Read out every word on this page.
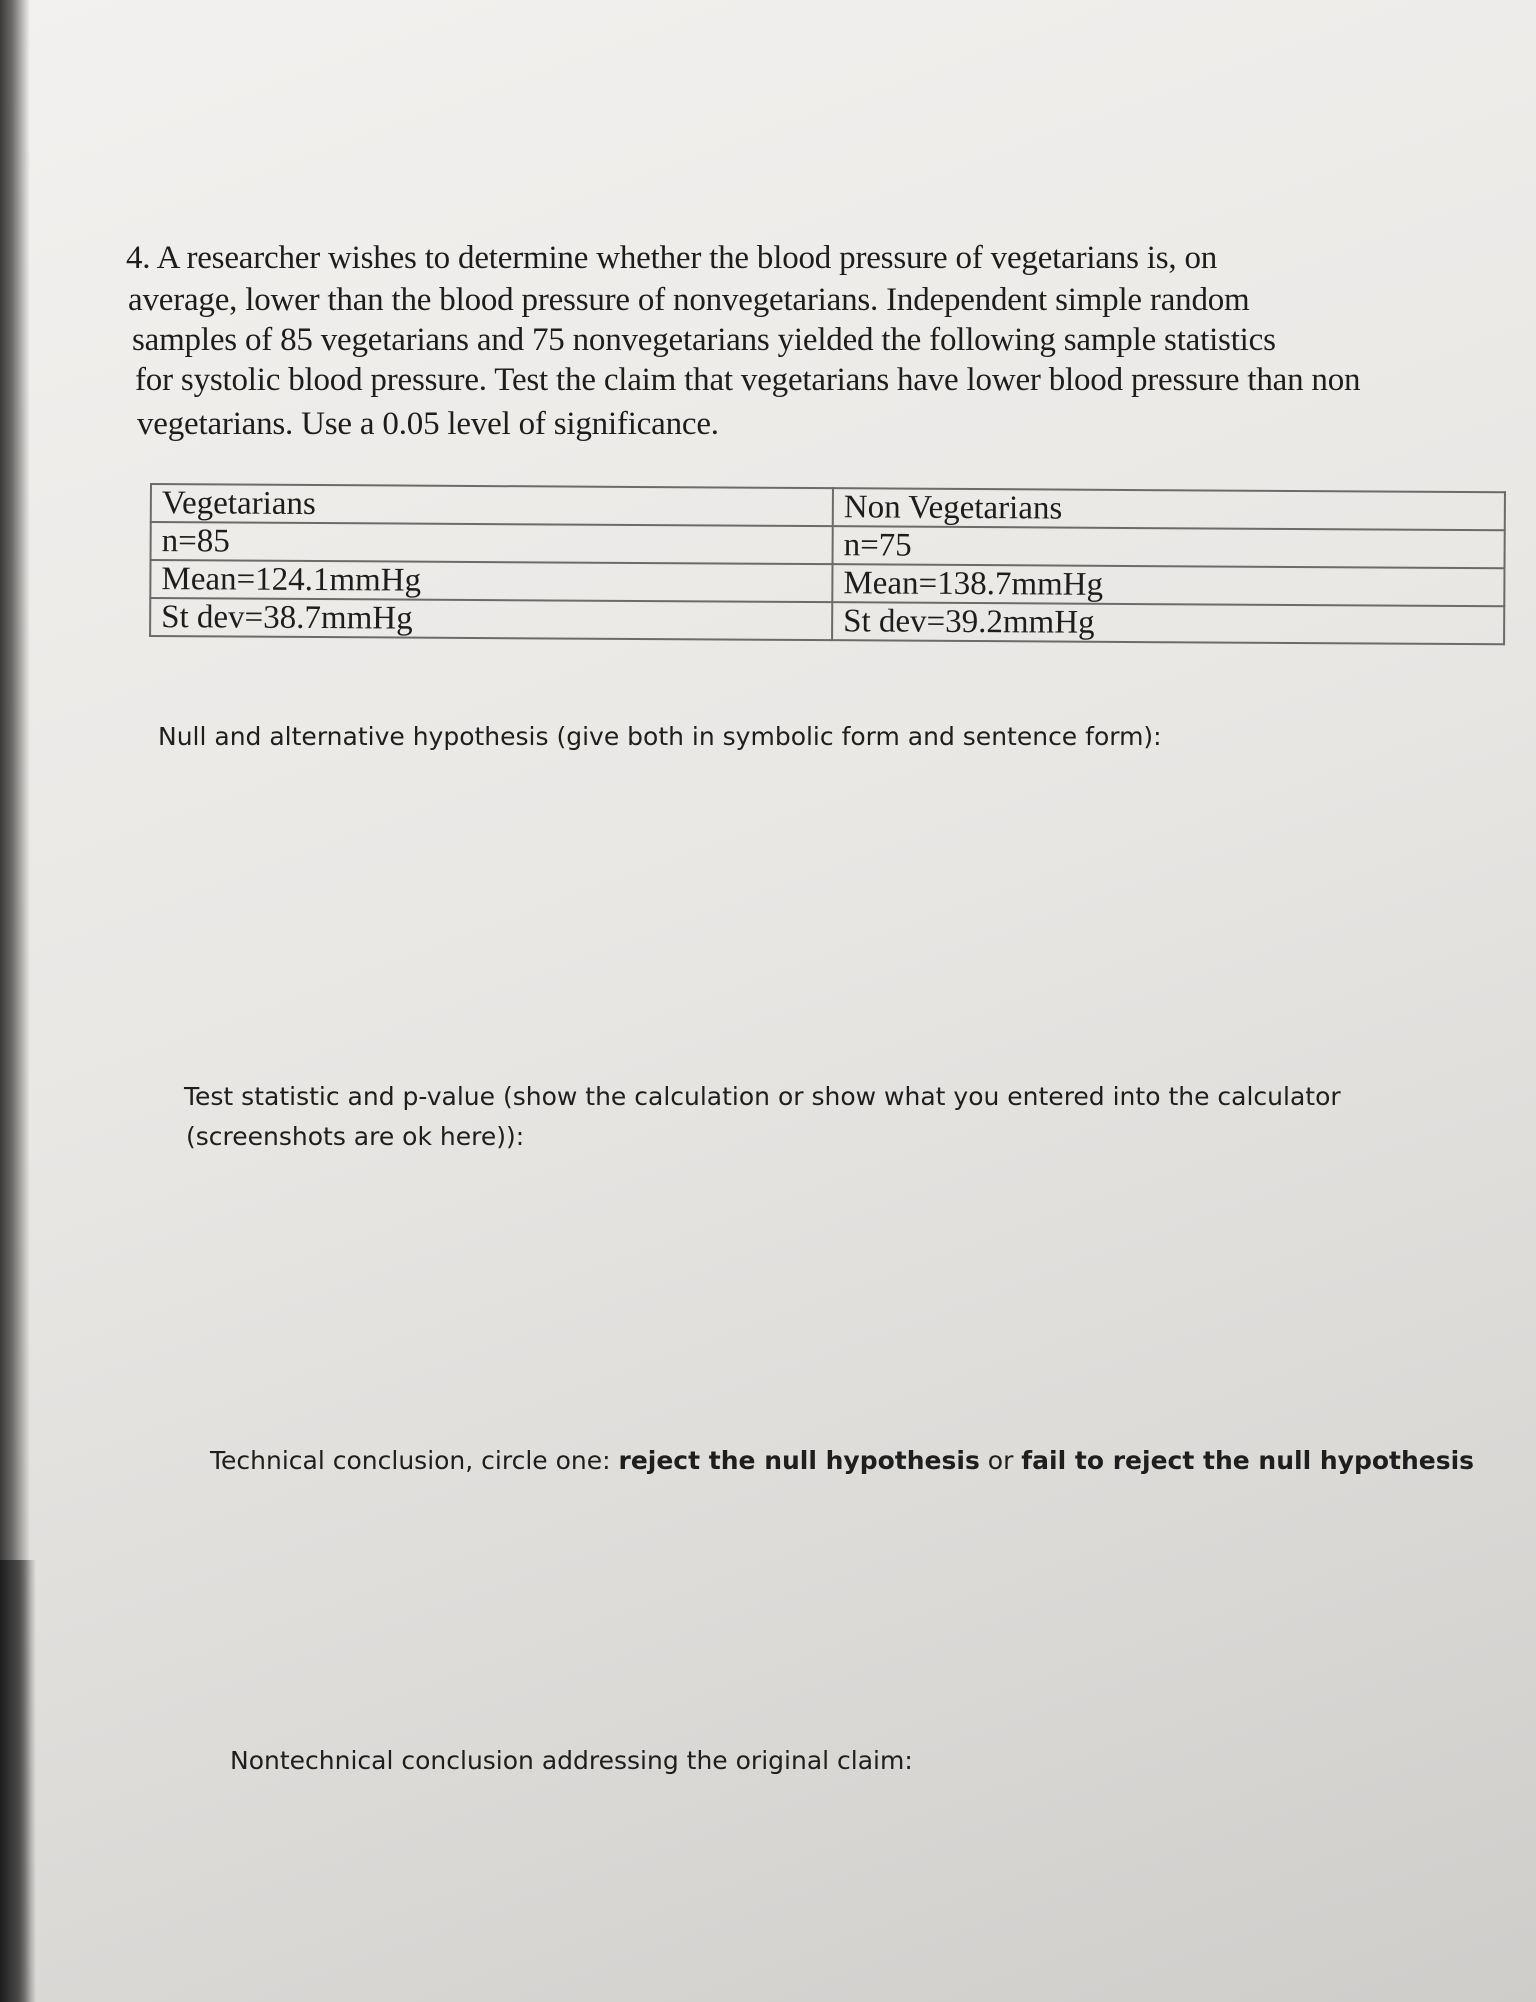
4. A researcher wishes to determine whether the blood pressure of vegetarians is, on
average, lower than the blood pressure of nonvegetarians. Independent simple random
samples of 85 vegetarians and 75 nonvegetarians yielded the following sample statistics
for systolic blood pressure. Test the claim that vegetarians have lower blood pressure than non
vegetarians. Use a 0.05 level of significance.
Vegetarians	Non Vegetarians
n=85	n=75
Mean=124.1mmHg	Mean=138.7mmHg
St dev=38.7mmHg	St dev=39.2mmHg
Null and alternative hypothesis (give both in symbolic form and sentence form):
Test statistic and p-value (show the calculation or show what you entered into the calculator
(screenshots are ok here)):
Technical conclusion, circle one: reject the null hypothesis or fail to reject the null hypothesis
Nontechnical conclusion addressing the original claim:
